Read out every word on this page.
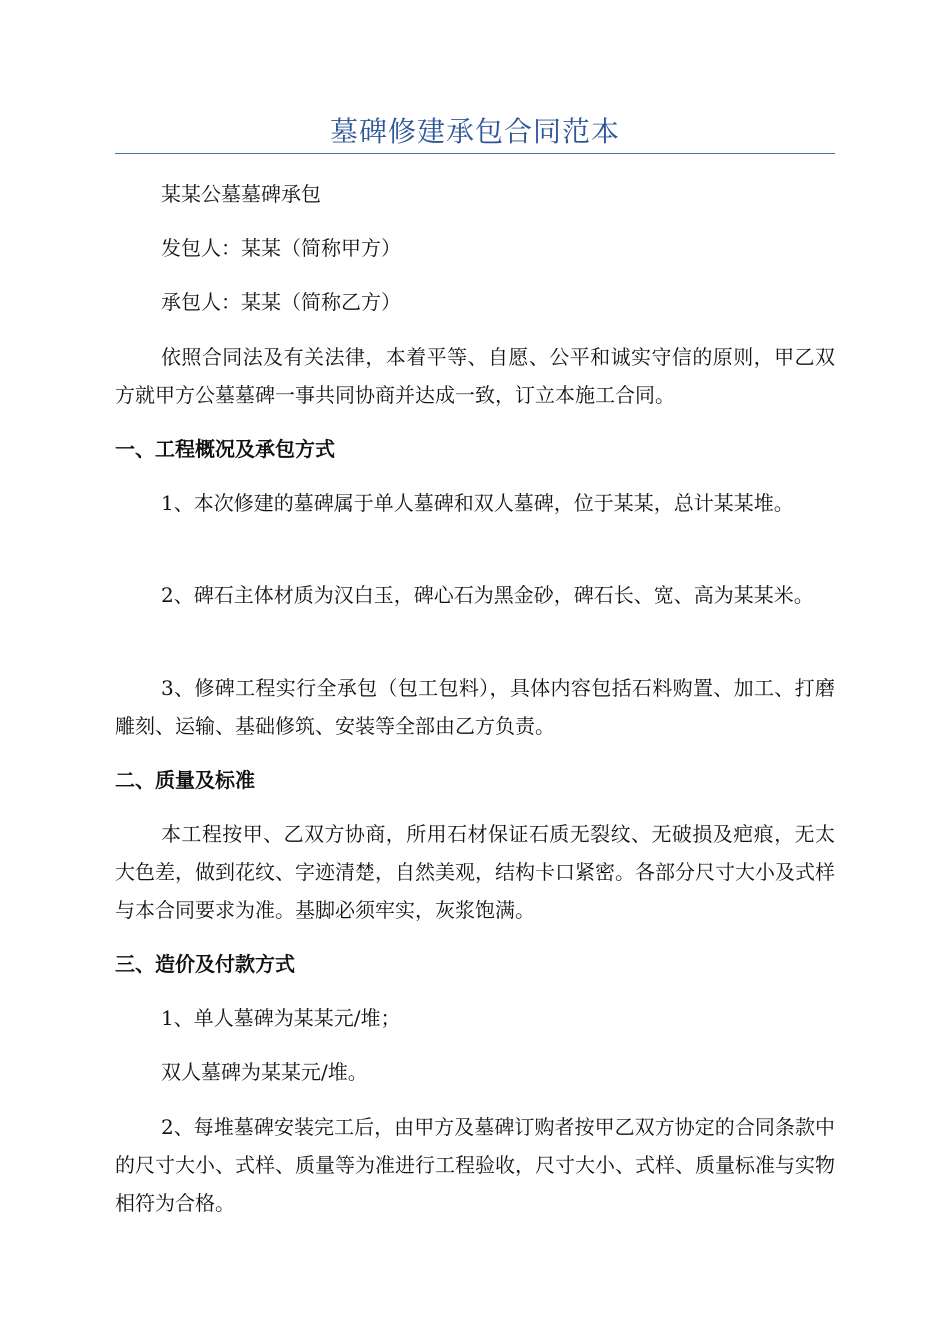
墓碑修建承包合同范本

某某公墓墓碑承包

发包人：某某（简称甲方）

承包人：某某（简称乙方）

依照合同法及有关法律，本着平等、自愿、公平和诚实守信的原则，甲乙双方就甲方公墓墓碑一事共同协商并达成一致，订立本施工合同。

一、工程概况及承包方式

1、本次修建的墓碑属于单人墓碑和双人墓碑，位于某某，总计某某堆。

2、碑石主体材质为汉白玉，碑心石为黑金砂，碑石长、宽、高为某某米。

3、修碑工程实行全承包（包工包料），具体内容包括石料购置、加工、打磨雕刻、运输、基础修筑、安装等全部由乙方负责。

二、质量及标准

本工程按甲、乙双方协商，所用石材保证石质无裂纹、无破损及疤痕，无太大色差，做到花纹、字迹清楚，自然美观，结构卡口紧密。各部分尺寸大小及式样与本合同要求为准。基脚必须牢实，灰浆饱满。

三、造价及付款方式

1、单人墓碑为某某元/堆；

双人墓碑为某某元/堆。

2、每堆墓碑安装完工后，由甲方及墓碑订购者按甲乙双方协定的合同条款中的尺寸大小、式样、质量等为准进行工程验收，尺寸大小、式样、质量标准与实物相符为合格。
